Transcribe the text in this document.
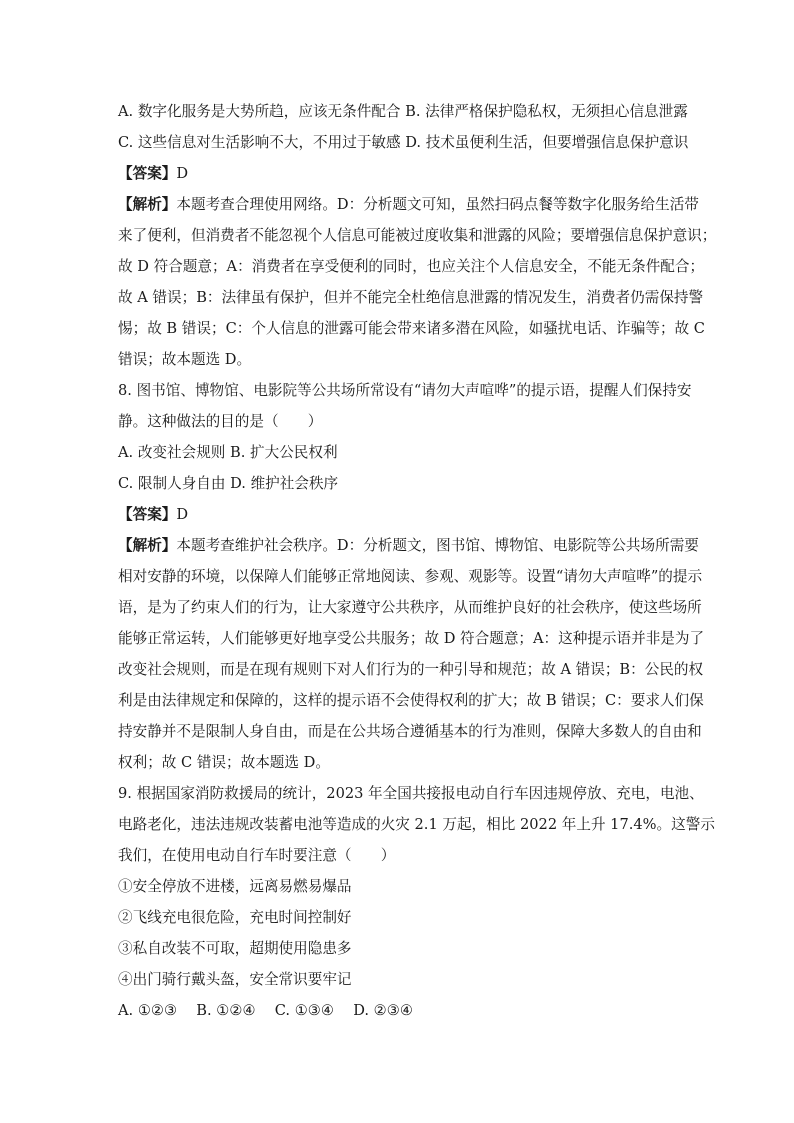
A. 数字化服务是大势所趋，应该无条件配合 B. 法律严格保护隐私权，无须担心信息泄露
C. 这些信息对生活影响不大，不用过于敏感 D. 技术虽便利生活，但要增强信息保护意识
【答案】D
【解析】本题考查合理使用网络。D：分析题文可知，虽然扫码点餐等数字化服务给生活带
来了便利，但消费者不能忽视个人信息可能被过度收集和泄露的风险；要增强信息保护意识；
故 D 符合题意；A：消费者在享受便利的同时，也应关注个人信息安全，不能无条件配合；
故 A 错误；B：法律虽有保护，但并不能完全杜绝信息泄露的情况发生，消费者仍需保持警
惕；故 B 错误；C：个人信息的泄露可能会带来诸多潜在风险，如骚扰电话、诈骗等；故 C
错误；故本题选 D。
8. 图书馆、博物馆、电影院等公共场所常设有“请勿大声喧哗”的提示语，提醒人们保持安
静。这种做法的目的是（　　）
A. 改变社会规则 B. 扩大公民权利
C. 限制人身自由 D. 维护社会秩序
【答案】D
【解析】本题考查维护社会秩序。D：分析题文，图书馆、博物馆、电影院等公共场所需要
相对安静的环境，以保障人们能够正常地阅读、参观、观影等。设置“请勿大声喧哗”的提示
语，是为了约束人们的行为，让大家遵守公共秩序，从而维护良好的社会秩序，使这些场所
能够正常运转，人们能够更好地享受公共服务；故 D 符合题意；A：这种提示语并非是为了
改变社会规则，而是在现有规则下对人们行为的一种引导和规范；故 A 错误；B：公民的权
利是由法律规定和保障的，这样的提示语不会使得权利的扩大；故 B 错误；C：要求人们保
持安静并不是限制人身自由，而是在公共场合遵循基本的行为准则，保障大多数人的自由和
权利；故 C 错误；故本题选 D。
9. 根据国家消防救援局的统计，2023 年全国共接报电动自行车因违规停放、充电，电池、
电路老化，违法违规改装蓄电池等造成的火灾 2.1 万起，相比 2022 年上升 17.4%。这警示
我们，在使用电动自行车时要注意（　　）
①安全停放不进楼，远离易燃易爆品
②飞线充电很危险，充电时间控制好
③私自改装不可取，超期使用隐患多
④出门骑行戴头盔，安全常识要牢记
A. ①②③　 B. ①②④　 C. ①③④　 D. ②③④
